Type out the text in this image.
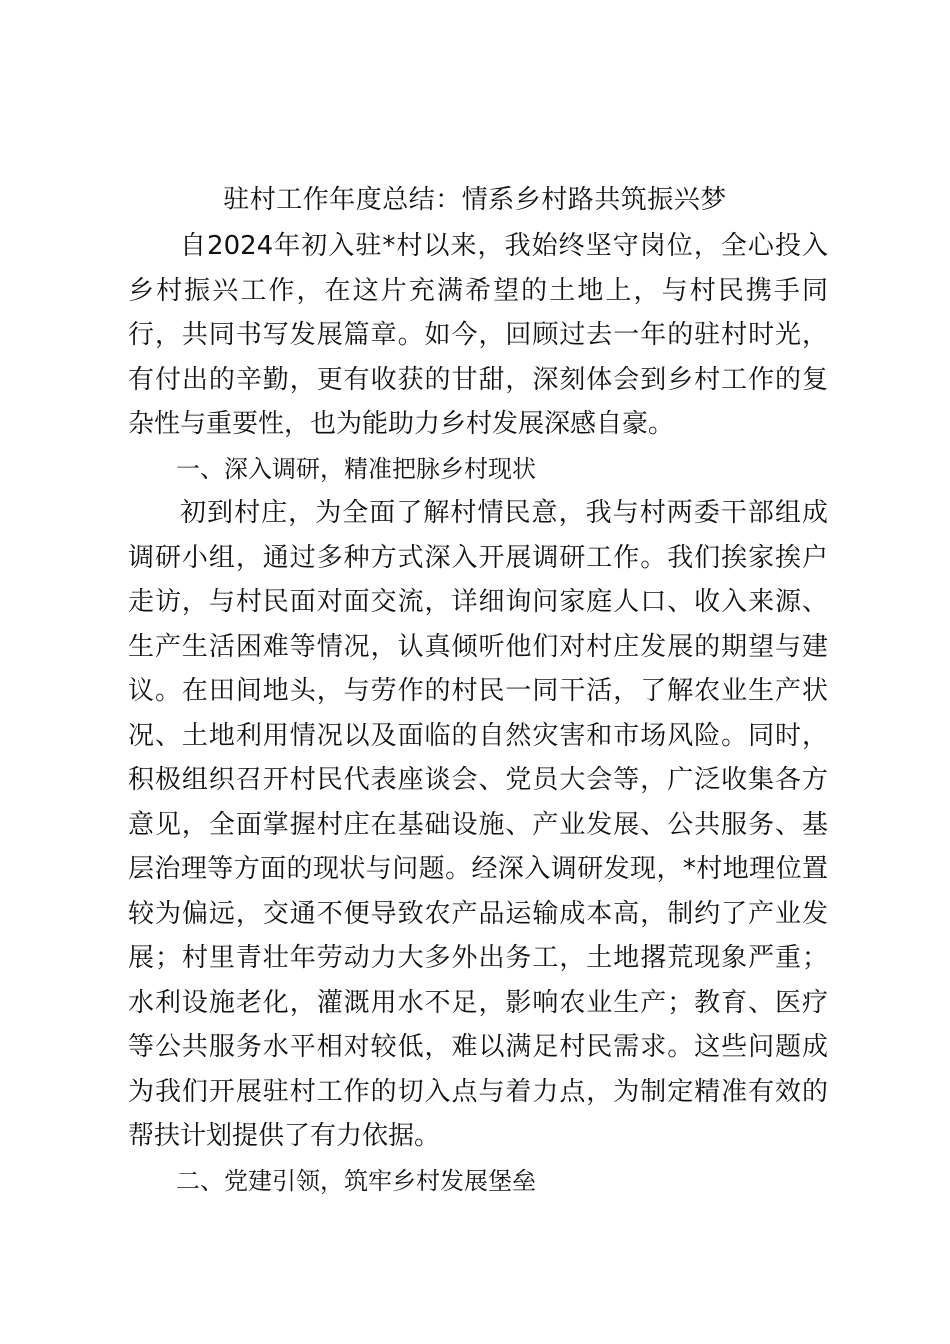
驻村工作年度总结：情系乡村路共筑振兴梦

自2024年初入驻*村以来，我始终坚守岗位，全心投入乡村振兴工作，在这片充满希望的土地上，与村民携手同行，共同书写发展篇章。如今，回顾过去一年的驻村时光，有付出的辛勤，更有收获的甘甜，深刻体会到乡村工作的复杂性与重要性，也为能助力乡村发展深感自豪。

一、深入调研，精准把脉乡村现状

初到村庄，为全面了解村情民意，我与村两委干部组成调研小组，通过多种方式深入开展调研工作。我们挨家挨户走访，与村民面对面交流，详细询问家庭人口、收入来源、生产生活困难等情况，认真倾听他们对村庄发展的期望与建议。在田间地头，与劳作的村民一同干活，了解农业生产状况、土地利用情况以及面临的自然灾害和市场风险。同时，积极组织召开村民代表座谈会、党员大会等，广泛收集各方意见，全面掌握村庄在基础设施、产业发展、公共服务、基层治理等方面的现状与问题。经深入调研发现，*村地理位置较为偏远，交通不便导致农产品运输成本高，制约了产业发展；村里青壮年劳动力大多外出务工，土地撂荒现象严重；水利设施老化，灌溉用水不足，影响农业生产；教育、医疗等公共服务水平相对较低，难以满足村民需求。这些问题成为我们开展驻村工作的切入点与着力点，为制定精准有效的帮扶计划提供了有力依据。

二、党建引领，筑牢乡村发展堡垒
